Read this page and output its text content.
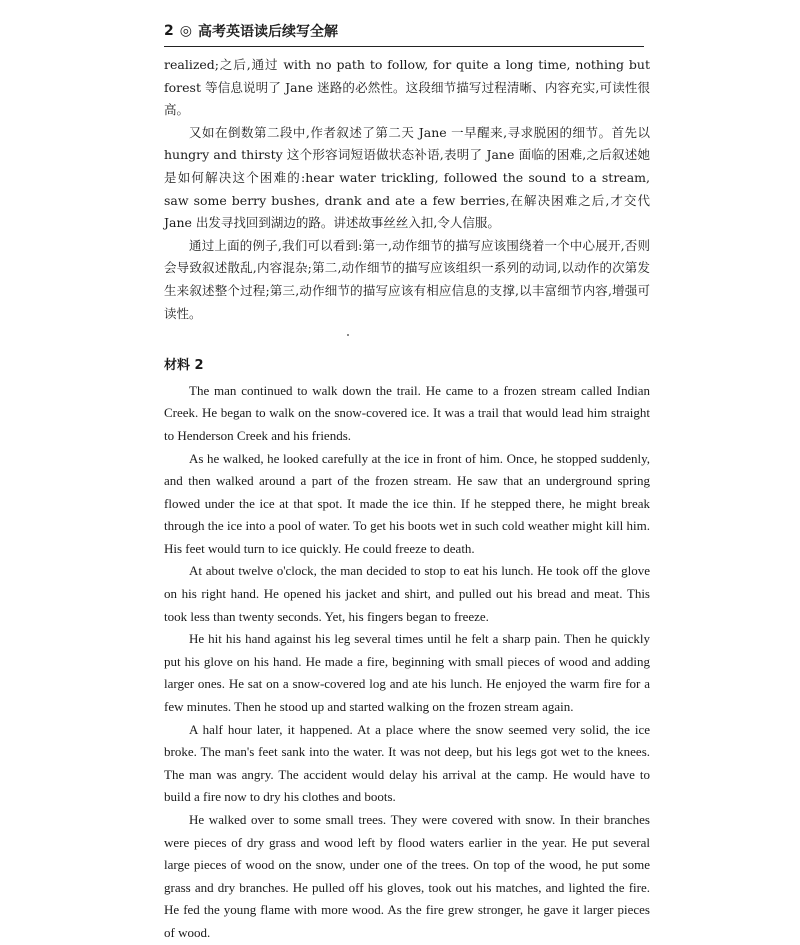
2 ◎ 高考英语读后续写全解

realized;之后,通过 with no path to follow, for quite a long time, nothing but forest 等信息说明了 Jane 迷路的必然性。这段细节描写过程清晰、内容充实,可读性很高。

又如在倒数第二段中,作者叙述了第二天 Jane 一早醒来,寻求脱困的细节。首先以 hungry and thirsty 这个形容词短语做状态补语,表明了 Jane 面临的困难,之后叙述她是如何解决这个困难的:hear water trickling, followed the sound to a stream, saw some berry bushes, drank and ate a few berries,在解决困难之后,才交代 Jane 出发寻找回到湖边的路。讲述故事丝丝入扣,令人信服。

通过上面的例子,我们可以看到:第一,动作细节的描写应该围绕着一个中心展开,否则会导致叙述散乱,内容混杂;第二,动作细节的描写应该组织一系列的动词,以动作的次第发生来叙述整个过程;第三,动作细节的描写应该有相应信息的支撑,以丰富细节内容,增强可读性。

材料 2

The man continued to walk down the trail. He came to a frozen stream called Indian Creek. He began to walk on the snow-covered ice. It was a trail that would lead him straight to Henderson Creek and his friends.

As he walked, he looked carefully at the ice in front of him. Once, he stopped suddenly, and then walked around a part of the frozen stream. He saw that an underground spring flowed under the ice at that spot. It made the ice thin. If he stepped there, he might break through the ice into a pool of water. To get his boots wet in such cold weather might kill him. His feet would turn to ice quickly. He could freeze to death.

At about twelve o'clock, the man decided to stop to eat his lunch. He took off the glove on his right hand. He opened his jacket and shirt, and pulled out his bread and meat. This took less than twenty seconds. Yet, his fingers began to freeze.

He hit his hand against his leg several times until he felt a sharp pain. Then he quickly put his glove on his hand. He made a fire, beginning with small pieces of wood and adding larger ones. He sat on a snow-covered log and ate his lunch. He enjoyed the warm fire for a few minutes. Then he stood up and started walking on the frozen stream again.

A half hour later, it happened. At a place where the snow seemed very solid, the ice broke. The man's feet sank into the water. It was not deep, but his legs got wet to the knees. The man was angry. The accident would delay his arrival at the camp. He would have to build a fire now to dry his clothes and boots.

He walked over to some small trees. They were covered with snow. In their branches were pieces of dry grass and wood left by flood waters earlier in the year. He put several large pieces of wood on the snow, under one of the trees. On top of the wood, he put some grass and dry branches. He pulled off his gloves, took out his matches, and lighted the fire. He fed the young flame with more wood. As the fire grew stronger, he gave it larger pieces of wood.
